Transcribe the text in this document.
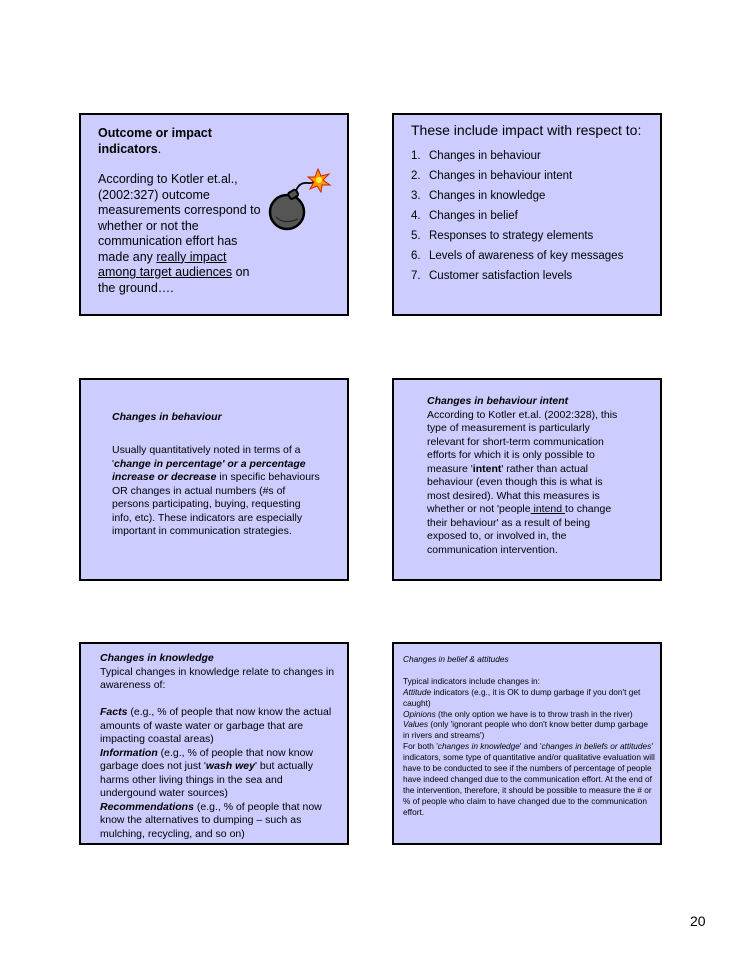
Outcome or impact indicators.
According to Kotler et.al., (2002:327) outcome measurements correspond to whether or not the communication effort has made any really impact among target audiences on the ground….
These include impact with respect to:
1. Changes in behaviour
2. Changes in behaviour intent
3. Changes in knowledge
4. Changes in belief
5. Responses to strategy elements
6. Levels of awareness of key messages
7. Customer satisfaction levels
Changes in behaviour
Usually quantitatively noted in terms of a 'change in percentage' or a percentage increase or decrease in specific behaviours OR changes in actual numbers (#s of persons participating, buying, requesting info, etc). These indicators are especially important in communication strategies.
Changes in behaviour intent
According to Kotler et.al. (2002:328), this type of measurement is particularly relevant for short-term communication efforts for which it is only possible to measure 'intent' rather than actual behaviour (even though this is what is most desired). What this measures is whether or not 'people intend to change their behaviour' as a result of being exposed to, or involved in, the communication intervention.
Changes in knowledge
Typical changes in knowledge relate to changes in awareness of:
Facts (e.g., % of people that now know the actual amounts of waste water or garbage that are impacting coastal areas)
Information (e.g., % of people that now know garbage does not just 'wash wey' but actually harms other living things in the sea and undergound water sources)
Recommendations (e.g., % of people that now know the alternatives to dumping – such as mulching, recycling, and so on)
Changes in belief & attitudes
Typical indicators include changes in:
Attitude indicators (e.g., it is OK to dump garbage if you don't get caught)
Opinions (the only option we have is to throw trash in the river)
Values (only 'ignorant people who don't know better dump garbage in rivers and streams')
For both 'changes in knowledge' and 'changes in beliefs or attitudes' indicators, some type of quantitative and/or qualitative evaluation will have to be conducted to see if the numbers of percentage of people have indeed changed due to the communication effort. At the end of the intervention, therefore, it should be possible to measure the # or % of people who claim to have changed due to the communication effort.
20
